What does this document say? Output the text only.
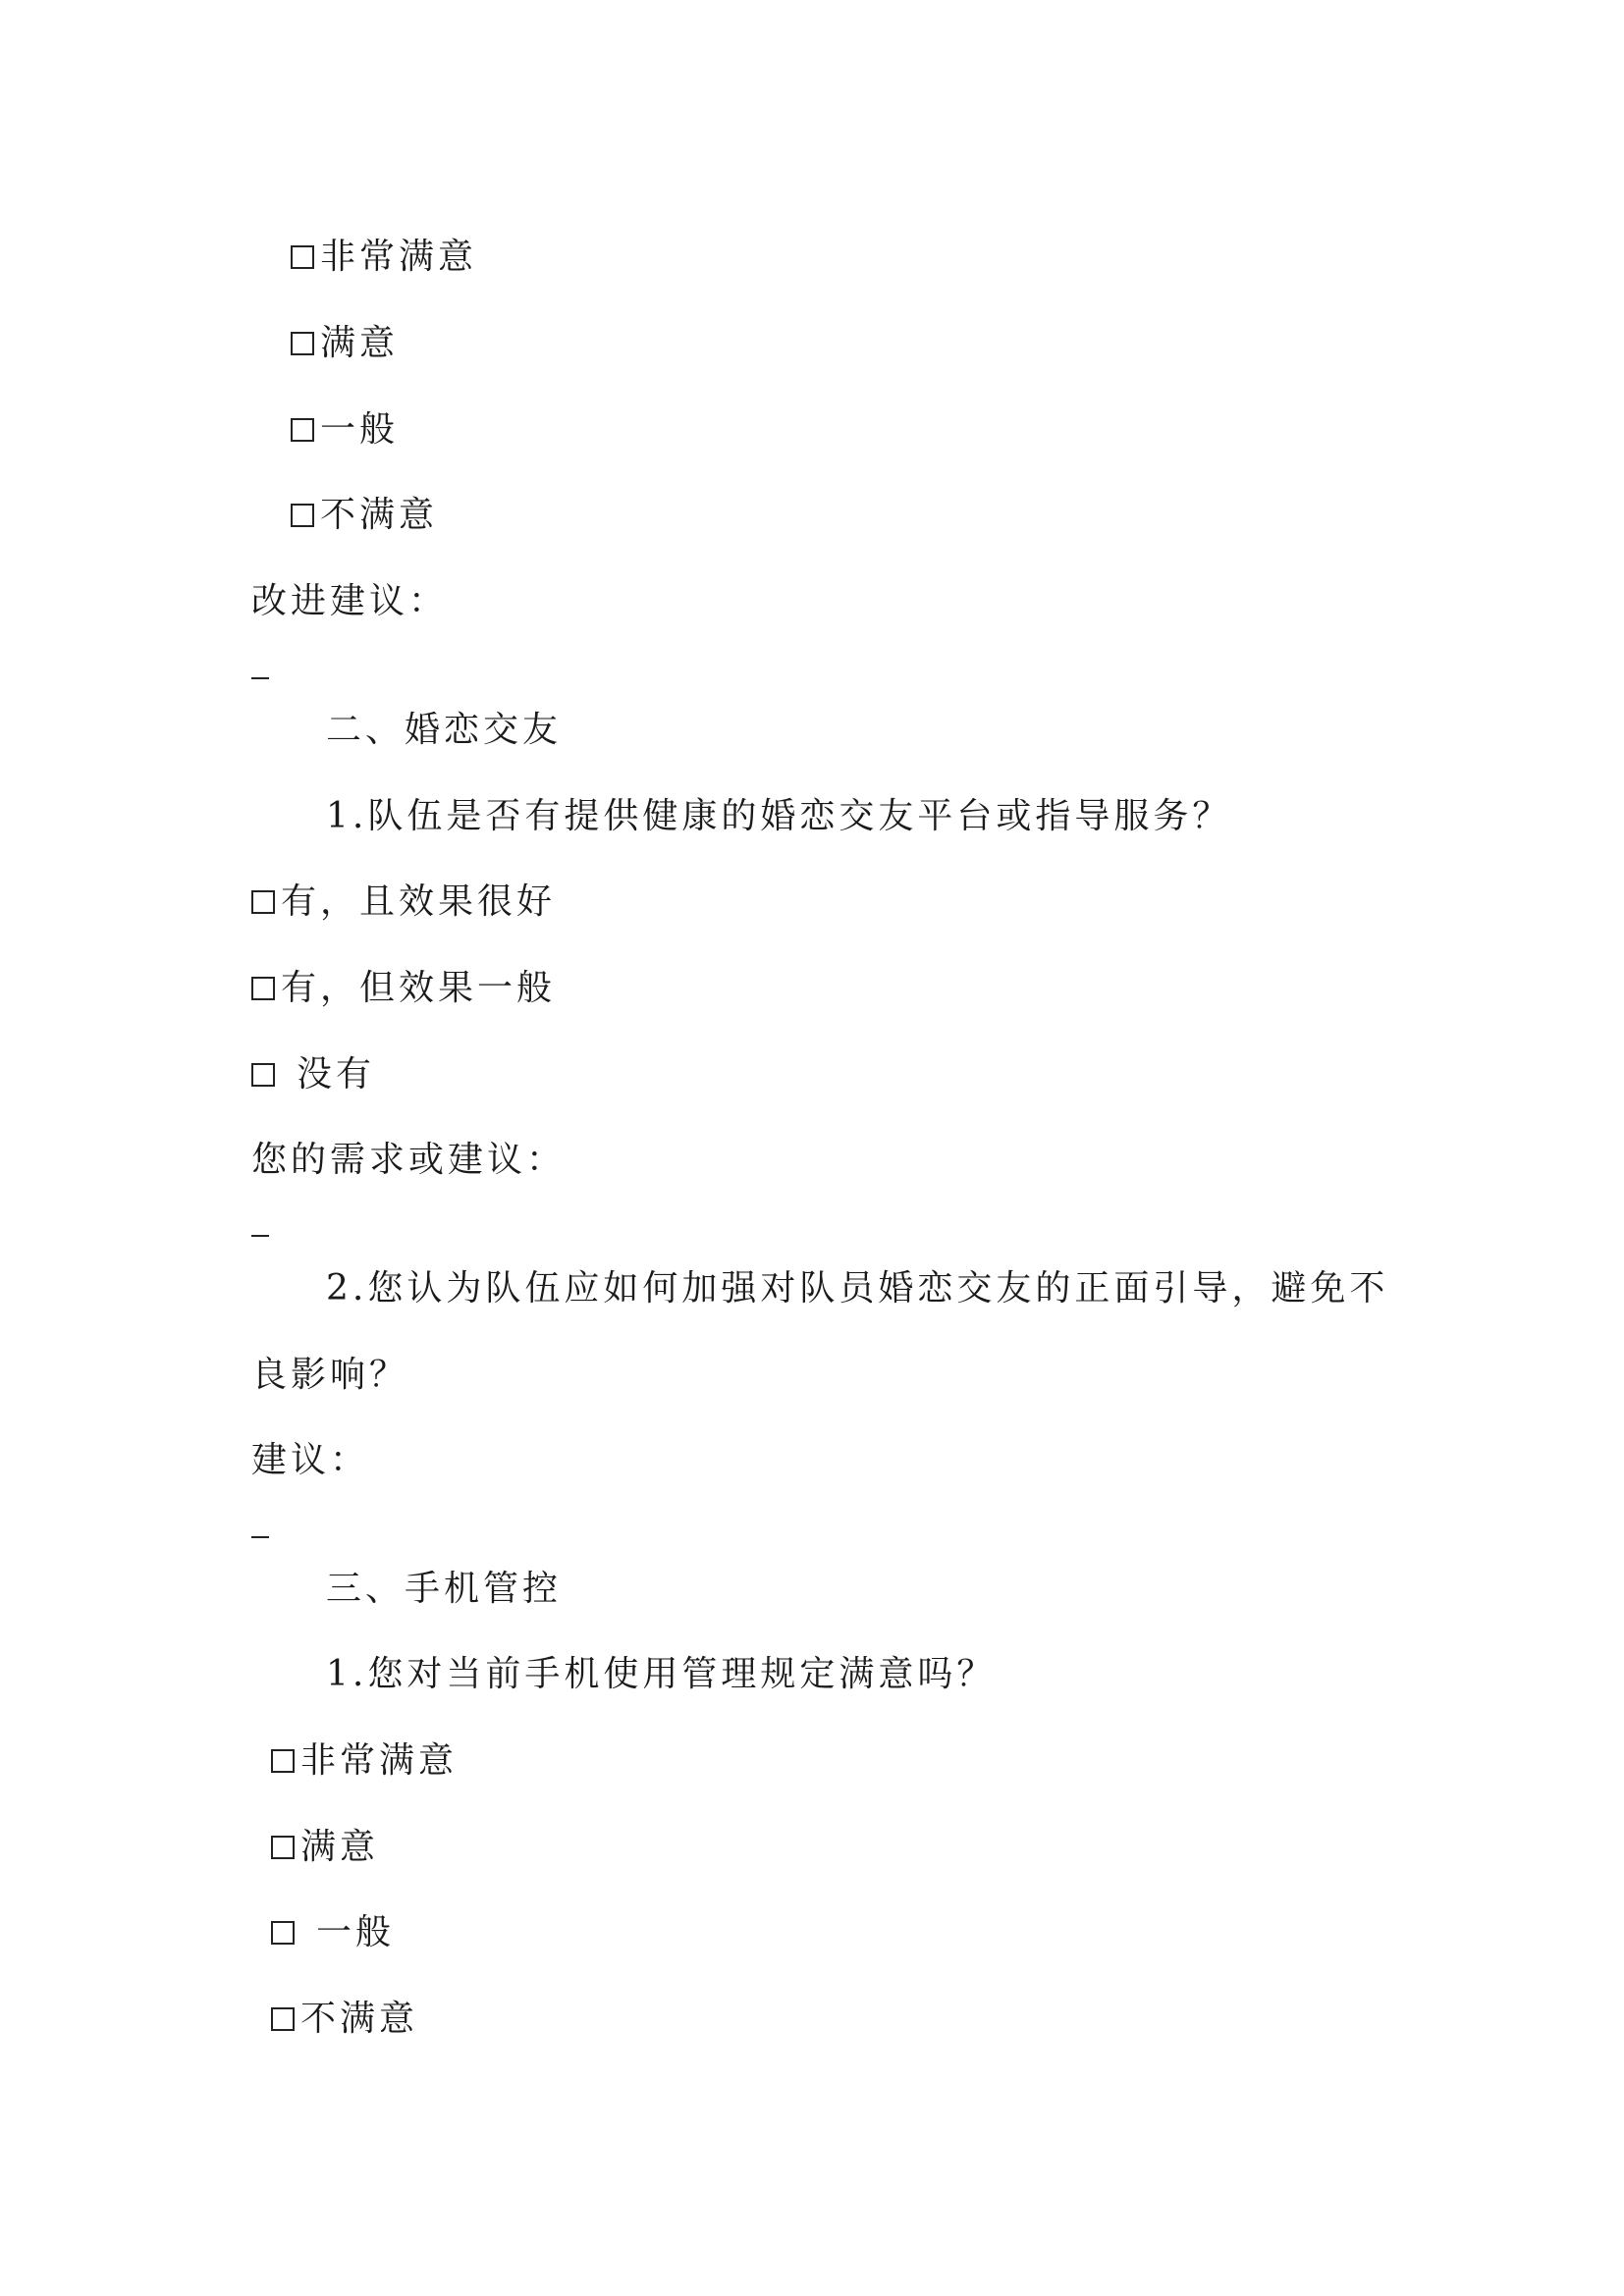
非常满意
满意
一般
不满意
改进建议：
二、婚恋交友
1.队伍是否有提供健康的婚恋交友平台或指导服务？
有，且效果很好
有，但效果一般
没有
您的需求或建议：
2.您认为队伍应如何加强对队员婚恋交友的正面引导，避免不
良影响？
建议：
三、手机管控
1.您对当前手机使用管理规定满意吗？
非常满意
满意
一般
不满意
